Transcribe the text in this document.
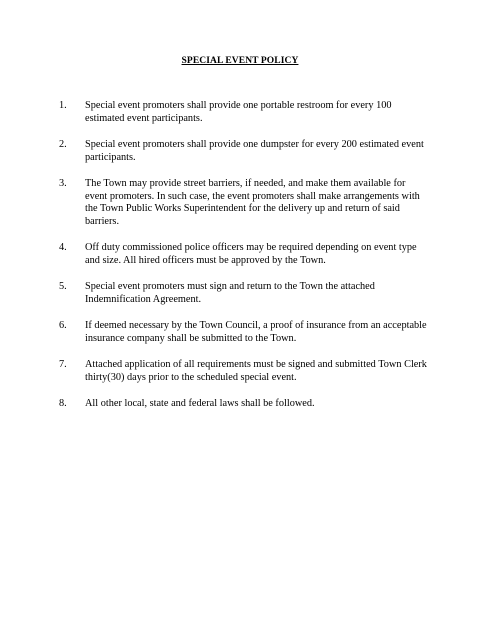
SPECIAL EVENT POLICY
1.	Special event promoters shall provide one portable restroom for every 100 estimated event participants.
2.	Special event promoters shall provide one dumpster for every 200 estimated event participants.
3.	The Town may provide street barriers, if needed, and make them available for event promoters. In such case, the event promoters shall make arrangements with the Town Public Works Superintendent for the delivery up and return of said barriers.
4.	Off duty commissioned police officers may be required depending on event type and size. All hired officers must be approved by the Town.
5.	Special event promoters must sign and return to the Town the attached Indemnification Agreement.
6.	If deemed necessary by the Town Council, a proof of insurance from an acceptable insurance company shall be submitted to the Town.
7.	Attached application of all requirements must be signed and submitted Town Clerk thirty(30) days prior to the scheduled special event.
8.	All other local, state and federal laws shall be followed.
